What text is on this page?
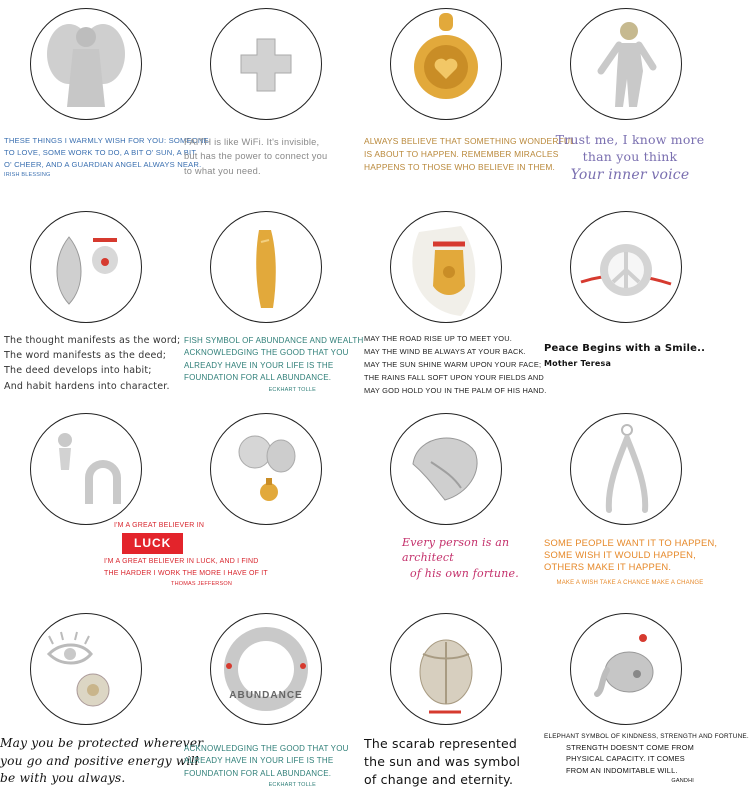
THESE THINGS I WARMLY WISH FOR YOU: SOMEONE
TO LOVE, SOME WORK TO DO, A BIT O' SUN, A BIT
O' CHEER, AND A GUARDIAN ANGEL ALWAYS NEAR.
IRISH BLESSING
FAITH is like WiFi. It's invisible,
but has the power to connect you
to what you need.
ALWAYS BELIEVE THAT SOMETHING WONDERFUL
IS ABOUT TO HAPPEN. REMEMBER MIRACLES
HAPPENS TO THOSE WHO BELIEVE IN THEM.
Trust me, I know more
than you think
Your inner voice
The thought manifests as the word;
The word manifests as the deed;
The deed develops into habit;
And habit hardens into character.
FISH SYMBOL OF ABUNDANCE AND WEALTH
ACKNOWLEDGING THE GOOD THAT YOU
ALREADY HAVE IN YOUR LIFE IS THE
FOUNDATION FOR ALL ABUNDANCE.
ECKHART TOLLE
MAY THE ROAD RISE UP TO MEET YOU.
MAY THE WIND BE ALWAYS AT YOUR BACK.
MAY THE SUN SHINE WARM UPON YOUR FACE;
THE RAINS FALL SOFT UPON YOUR FIELDS AND
MAY GOD HOLD YOU IN THE PALM OF HIS HAND.
Peace Begins with a Smile..
Mother Teresa
I'M A GREAT BELIEVER IN
LUCK
I'M A GREAT BELIEVER IN LUCK, AND I FIND
THE HARDER I WORK THE MORE I HAVE OF IT
THOMAS JEFFERSON
Every person is an
architect
of his own fortune.
SOME PEOPLE WANT IT TO HAPPEN,
SOME WISH IT WOULD HAPPEN,
OTHERS MAKE IT HAPPEN.
MAKE A WISH TAKE A CHANCE MAKE A CHANGE
May you be protected wherever
you go and positive energy will
be with you always.
ABUNDANCE
ACKNOWLEDGING THE GOOD THAT YOU
ALREADY HAVE IN YOUR LIFE IS THE
FOUNDATION FOR ALL ABUNDANCE.
ECKHART TOLLE
The scarab represented
the sun and was symbol
of change and eternity.
ELEPHANT SYMBOL OF KINDNESS, STRENGTH AND FORTUNE.
STRENGTH DOESN'T COME FROM
PHYSICAL CAPACITY. IT COMES
FROM AN INDOMITABLE WILL.
GANDHI
